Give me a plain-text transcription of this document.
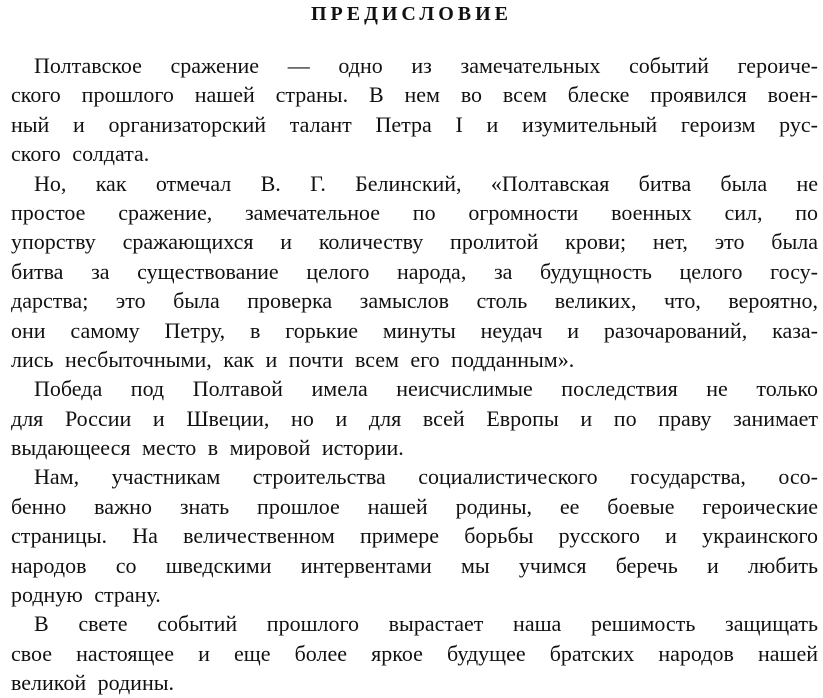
ПРЕДИСЛОВИЕ
Полтавское сражение — одно из замечательных событий героиче-
ского прошлого нашей страны. В нем во всем блеске проявился воен-
ный и организаторский талант Петра I и изумительный героизм рус-
ского солдата.
Но, как отмечал В. Г. Белинский, «Полтавская битва была не
простое сражение, замечательное по огромности военных сил, по
упорству сражающихся и количеству пролитой крови; нет, это была
битва за существование целого народа, за будущность целого госу-
дарства; это была проверка замыслов столь великих, что, вероятно,
они самому Петру, в горькие минуты неудач и разочарований, каза-
лись несбыточными, как и почти всем его подданным».
Победа под Полтавой имела неисчислимые последствия не только
для России и Швеции, но и для всей Европы и по праву занимает
выдающееся место в мировой истории.
Нам, участникам строительства социалистического государства, осо-
бенно важно знать прошлое нашей родины, ее боевые героические
страницы. На величественном примере борьбы русского и украинского
народов со шведскими интервентами мы учимся беречь и любить
родную страну.
В свете событий прошлого вырастает наша решимость защищать
свое настоящее и еще более яркое будущее братских народов нашей
великой родины.
